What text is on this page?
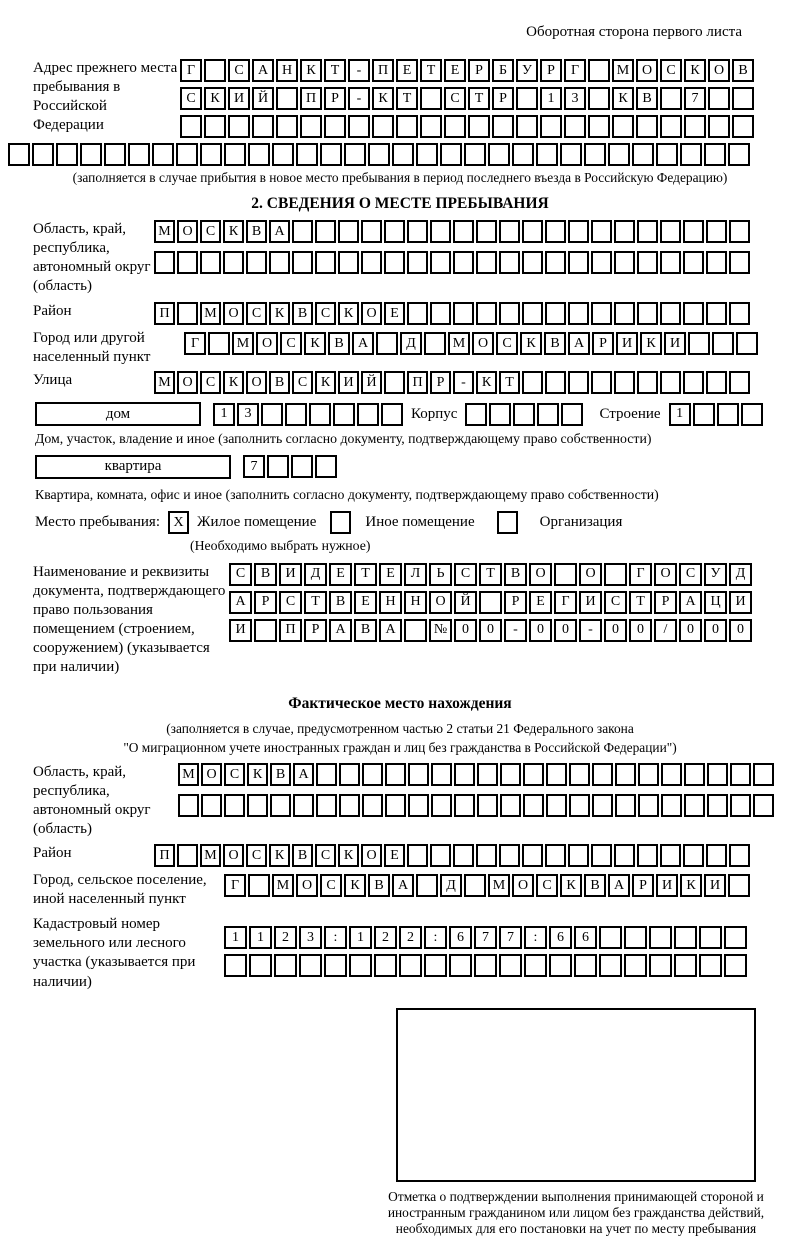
Оборотная сторона первого листа
Адрес прежнего места пребывания в Российской Федерации
Г	С	А Н	К	Т	-	П	Е	Т	Е	Р	Б	У	Р	Г	М О	С	К	О	В
С	К	И Й	П	Р	-	К	Т	С	Т	Р	1	3	К	В	7
(заполняется в случае прибытия в новое место пребывания в период последнего въезда в Российскую Федерацию)
2. СВЕДЕНИЯ О МЕСТЕ ПРЕБЫВАНИЯ
Область, край, республика, автономный округ (область)
М О С К В А
Район	П	М О С К В С К О Е
Город или другой населенный пункт
Г	М О	С	К	В	А	Д	М О	С	К	В	А	Р	И	К	И
Улица	М О С К О В С К И Й	П	Р	-	К	Т
дом	1	3	Корпус	Строение	1
Дом, участок, владение и иное (заполнить согласно документу, подтверждающему право собственности)
квартира	7
Квартира, комната, офис и иное (заполнить согласно документу, подтверждающему право собственности)
Место пребывания: X Жилое помещение	Иное помещение	Организация
(Необходимо выбрать нужное)
Наименование и реквизиты документа, подтверждающего право пользования помещением (строением, сооружением) (указывается при наличии)
С	В	И	Д	Е	Т	Е	Л	Ь	С	Т	В	О	О	Г	О	С	У	Д
А	Р	С	Т	В	Е	Н	Н	О	Й	Р	Е	Г	И	С	Т	Р	А	Ц	И
И	П	Р	А	В	А	№	0	0	-	0	0	-	0	0	/	0	0	0
Фактическое место нахождения
(заполняется в случае, предусмотренном частью 2 статьи 21 Федерального закона
"О миграционном учете иностранных граждан и лиц без гражданства в Российской Федерации")
Область, край, республика, автономный округ (область)
М О С К В А
Район	П	М О С К В С К О Е
Город, сельское поселение, иной населенный пункт
Г	М О	С	К	В	А	Д	М О	С	К	В	А	Р	И	К	И
Кадастровый номер земельного или лесного участка (указывается при наличии)
1	1	2	3	:	1	2	2	:	6	7	7	:	6	6
Отметка о подтверждении выполнения принимающей стороной и иностранным гражданином или лицом без гражданства действий, необходимых для его постановки на учет по месту пребывания
